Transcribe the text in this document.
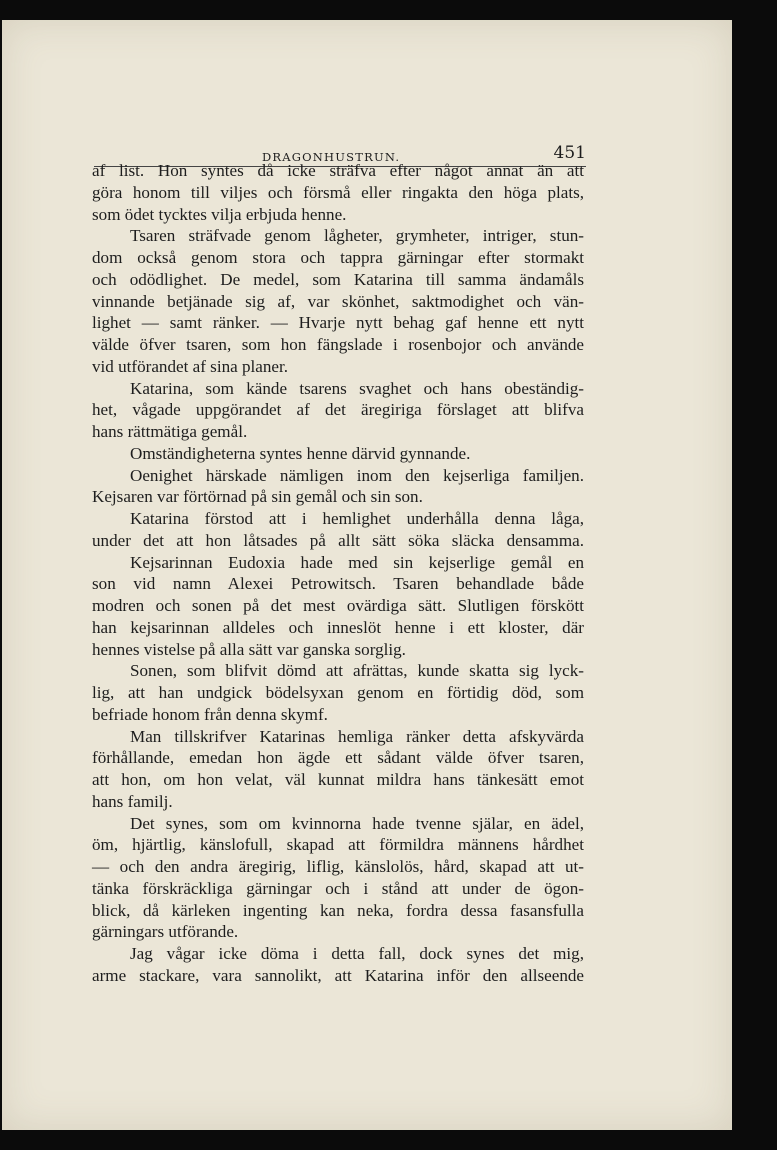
DRAGONHUSTRUN.	451
af list. Hon syntes då icke sträfva efter något annat än att
göra honom till viljes och försmå eller ringakta den höga plats,
som ödet tycktes vilja erbjuda henne.
Tsaren sträfvade genom lågheter, grymheter, intriger, stun-
dom också genom stora och tappra gärningar efter stormakt
och odödlighet. De medel, som Katarina till samma ändamåls
vinnande betjänade sig af, var skönhet, saktmodighet och vän-
lighet — samt ränker. — Hvarje nytt behag gaf henne ett nytt
välde öfver tsaren, som hon fängslade i rosenbojor och använde
vid utförandet af sina planer.
Katarina, som kände tsarens svaghet och hans obeständig-
het, vågade uppgörandet af det äregiriga förslaget att blifva
hans rättmätiga gemål.
Omständigheterna syntes henne därvid gynnande.
Oenighet härskade nämligen inom den kejserliga familjen.
Kejsaren var förtörnad på sin gemål och sin son.
Katarina förstod att i hemlighet underhålla denna låga,
under det att hon låtsades på allt sätt söka släcka densamma.
Kejsarinnan Eudoxia hade med sin kejserlige gemål en
son vid namn Alexei Petrowitsch. Tsaren behandlade både
modren och sonen på det mest ovärdiga sätt. Slutligen förskött
han kejsarinnan alldeles och inneslöt henne i ett kloster, där
hennes vistelse på alla sätt var ganska sorglig.
Sonen, som blifvit dömd att afrättas, kunde skatta sig lyck-
lig, att han undgick bödelsyxan genom en förtidig död, som
befriade honom från denna skymf.
Man tillskrifver Katarinas hemliga ränker detta afskyvärda
förhållande, emedan hon ägde ett sådant välde öfver tsaren,
att hon, om hon velat, väl kunnat mildra hans tänkesätt emot
hans familj.
Det synes, som om kvinnorna hade tvenne själar, en ädel,
öm, hjärtlig, känslofull, skapad att förmildra männens hårdhet
— och den andra äregirig, liflig, känslolös, hård, skapad att ut-
tänka förskräckliga gärningar och i stånd att under de ögon-
blick, då kärleken ingenting kan neka, fordra dessa fasansfulla
gärningars utförande.
Jag vågar icke döma i detta fall, dock synes det mig,
arme stackare, vara sannolikt, att Katarina inför den allseende
